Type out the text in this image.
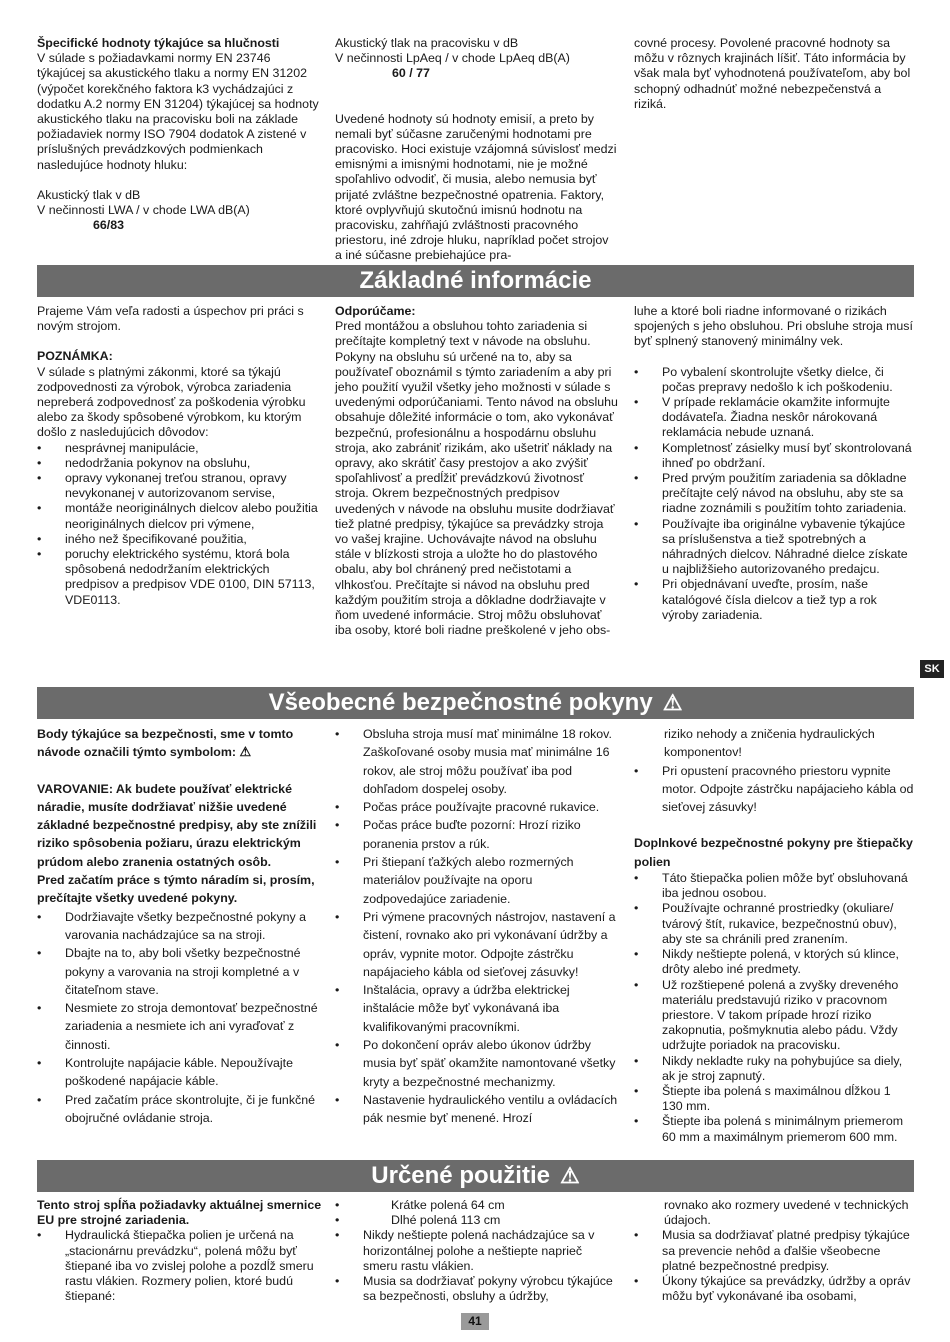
Špecifické hodnoty týkajúce sa hlučnosti

V súlade s požiadavkami normy EN 23746 týkajúcej sa akustického tlaku a normy EN 31202 (výpočet korekčného faktora k3 vychádzajúci z dodatku A.2 normy EN 31204) týkajúcej sa hodnoty akustického tlaku na pracovisku boli na základe požiadaviek normy ISO 7904 dodatok A zistené v príslušných prevádzkových podmienkach nasledujúce hodnoty hluku:

Akustický tlak v dB

V nečinnosti LWA / v chode LWA dB(A)

66/83

Akustický tlak na pracovisku v dB

V nečinnosti LpAeq / v chode LpAeq dB(A)

60 / 77

Uvedené hodnoty sú hodnoty emisií, a preto by nemali byť súčasne zaručenými hodnotami pre pracovisko. Hoci existuje vzájomná súvislosť medzi emisnými a imisnými hodnotami, nie je možné spoľahlivo odvodiť, či musia, alebo nemusia byť prijaté zvláštne bezpečnostné opatrenia. Faktory, ktoré ovplyvňujú skutočnú imisnú hodnotu na pracovisku, zahŕňajú zvláštnosti pracovného priestoru, iné zdroje hluku, napríklad počet strojov a iné súčasne prebiehajúce pra-

covné procesy. Povolené pracovné hodnoty sa môžu v rôznych krajinách líšiť. Táto informácia by však mala byť vyhodnotená používateľom, aby bol schopný odhadnúť možné nebezpečenstvá a riziká.

Základné informácie

Prajeme Vám veľa radosti a úspechov pri práci s novým strojom.

POZNÁMKA:

V súlade s platnými zákonmi, ktoré sa týkajú zodpovednosti za výrobok, výrobca zariadenia nepreberá zodpovednosť za poškodenia výrobku alebo za škody spôsobené výrobkom, ku ktorým došlo z nasledujúcich dôvodov:

• nesprávnej manipulácie,
• nedodržania pokynov na obsluhu,
• opravy vykonanej treťou stranou, opravy nevykonanej v autorizovanom servise,
• montáže neoriginálnych dielcov alebo použitia neoriginálnych dielcov pri výmene,
• iného než špecifikované použitia,
• poruchy elektrického systému, ktorá bola spôsobená nedodržaním elektrických predpisov a predpisov VDE 0100, DIN 57113, VDE0113.

Odporúčame:

Pred montážou a obsluhou tohto zariadenia si prečítajte kompletný text v návode na obsluhu. Pokyny na obsluhu sú určené na to, aby sa používateľ oboznámil s týmto zariadením a aby pri jeho použití využil všetky jeho možnosti v súlade s uvedenými odporúčaniami. Tento návod na obsluhu obsahuje dôležité informácie o tom, ako vykonávať bezpečnú, profesionálnu a hospodárnu obsluhu stroja, ako zabrániť rizikám, ako ušetriť náklady na opravy, ako skrátiť časy prestojov a ako zvýšiť spoľahlivosť a predĺžiť prevádzkovú životnosť stroja. Okrem bezpečnostných predpisov uvedených v návode na obsluhu musite dodržiavať tiež platné predpisy, týkajúce sa prevádzky stroja vo vašej krajine. Uchovávajte návod na obsluhu stále v blízkosti stroja a uložte ho do plastového obalu, aby bol chránený pred nečistotami a vlhkosťou. Prečítajte si návod na obsluhu pred každým použitím stroja a dôkladne dodržiavajte v ňom uvedené informácie. Stroj môžu obsluhovať iba osoby, ktoré boli riadne preškolené v jeho obs-

luhe a ktoré boli riadne informované o rizikách spojených s jeho obsluhou. Pri obsluhe stroja musí byť splnený stanovený minimálny vek.

• Po vybalení skontrolujte všetky dielce, či počas prepravy nedošlo k ich poškodeniu.
• V prípade reklamácie okamžite informujte dodávateľa. Žiadna neskôr nárokovaná reklamácia nebude uznaná.
• Kompletnosť zásielky musí byť skontrolovaná ihneď po obdržaní.
• Pred prvým použitím zariadenia sa dôkladne prečítajte celý návod na obsluhu, aby ste sa riadne zoznámili s použitím tohto zariadenia.
• Používajte iba originálne vybavenie týkajúce sa príslušenstva a tiež spotrebných a náhradných dielcov. Náhradné dielce získate u najbližšieho autorizovaného predajcu.
• Pri objednávaní uveďte, prosím, naše katalógové čísla dielcov a tiež typ a rok výroby zariadenia.
SK
Všeobecné bezpečnostné pokyny ⚠

Body týkajúce sa bezpečnosti, sme v tomto návode označili týmto symbolom: ⚠

VAROVANIE: Ak budete používať elektrické náradie, musíte dodržiavať nižšie uvedené základné bezpečnostné predpisy, aby ste znížili riziko spôsobenia požiaru, úrazu elektrickým prúdom alebo zranenia ostatných osôb.

Pred začatím práce s týmto náradím si, prosím, prečítajte všetky uvedené pokyny.

• Dodržiavajte všetky bezpečnostné pokyny a varovania nachádzajúce sa na stroji.
• Dbajte na to, aby boli všetky bezpečnostné pokyny a varovania na stroji kompletné a v čitateľnom stave.
• Nesmiete zo stroja demontovať bezpečnostné zariadenia a nesmiete ich ani vyraďovať z činnosti.
• Kontrolujte napájacie káble. Nepoužívajte poškodené napájacie káble.
• Pred začatím práce skontrolujte, či je funkčné obojručné ovládanie stroja.
• Obsluha stroja musí mať minimálne 18 rokov. Zaškoľované osoby musia mať minimálne 16 rokov, ale stroj môžu používať iba pod dohľadom dospelej osoby.
• Počas práce používajte pracovné rukavice.
• Počas práce buďte pozorní: Hrozí riziko poranenia prstov a rúk.
• Pri štiepaní ťažkých alebo rozmerných materiálov používajte na oporu zodpovedajúce zariadenie.
• Pri výmene pracovných nástrojov, nastavení a čistení, rovnako ako pri vykonávaní údržby a opráv, vypnite motor. Odpojte zástrčku napájacieho kábla od sieťovej zásuvky!
• Inštalácia, opravy a údržba elektrickej inštalácie môže byť vykonávaná iba kvalifikovanými pracovníkmi.
• Po dokončení opráv alebo úkonov údržby musia byť späť okamžite namontované všetky kryty a bezpečnostné mechanizmy.
• Nastavenie hydraulického ventilu a ovládacích pák nesmie byť menené. Hrozí

riziko nehody a zničenia hydraulických komponentov!

• Pri opustení pracovného priestoru vypnite motor. Odpojte zástrčku napájacieho kábla od sieťovej zásuvky!

Doplnkové bezpečnostné pokyny pre štiepačky polien

• Táto štiepačka polien môže byť obsluhovaná iba jednou osobou.
• Používajte ochranné prostriedky (okuliare/ tvárový štít, rukavice, bezpečnostnú obuv), aby ste sa chránili pred zranením.
• Nikdy neštiepte polená, v ktorých sú klince, drôty alebo iné predmety.
• Už rozštiepené polená a zvyšky dreveného materiálu predstavujú riziko v pracovnom priestore. V takom prípade hrozí riziko zakopnutia, pošmyknutia alebo pádu. Vždy udržujte poriadok na pracovisku.
• Nikdy nekladte ruky na pohybujúce sa diely, ak je stroj zapnutý.
• Štiepte iba polená s maximálnou dĺžkou 1 130 mm.
• Štiepte iba polená s minimálnym priemerom 60 mm a maximálnym priemerom 600 mm.
Určené použitie ⚠

Tento stroj spĺňa požiadavky aktuálnej smernice EU pre strojné zariadenia.

• Hydraulická štiepačka polien je určená na „stacionárnu prevádzku“, polená môžu byť štiepané iba vo zvislej polohe a pozdĺž smeru rastu vlákien. Rozmery polien, ktoré budú štiepané:
• Krátke polená 64 cm
• Dlhé polená 113 cm
• Nikdy neštiepte polená nachádzajúce sa v horizontálnej polohe a neštiepte naprieč smeru rastu vlákien.
• Musia sa dodržiavať pokyny výrobcu týkajúce sa bezpečnosti, obsluhy a údržby,

rovnako ako rozmery uvedené v technických údajoch.

• Musia sa dodržiavať platné predpisy týkajúce sa prevencie nehôd a ďalšie všeobecne platné bezpečnostné predpisy.
• Úkony týkajúce sa prevádzky, údržby a opráv môžu byť vykonávané iba osobami,
41
